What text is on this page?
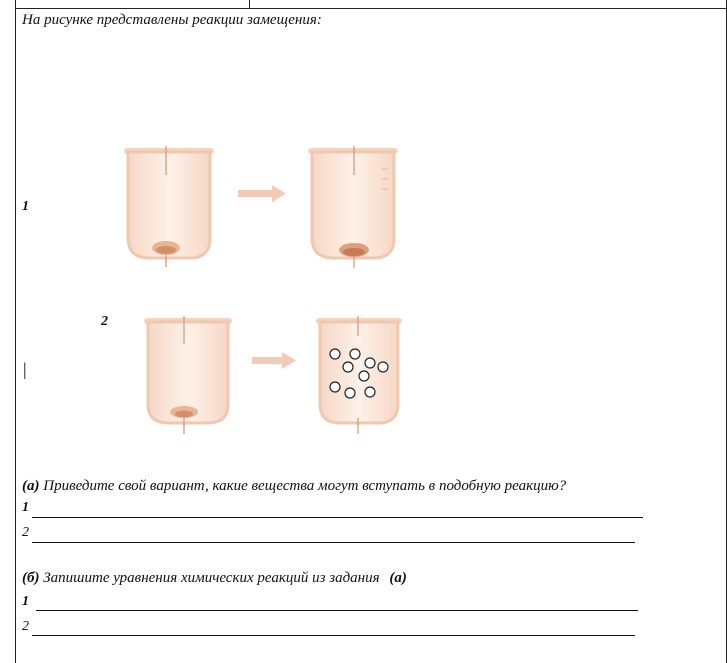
На рисунке представлены реакции замещения:
1
2
|
(а) Приведите свой вариант, какие вещества могут вступать в подобную реакцию?
1
2
(б) Запишите уравнения химических реакций из задания (а)
1
2
